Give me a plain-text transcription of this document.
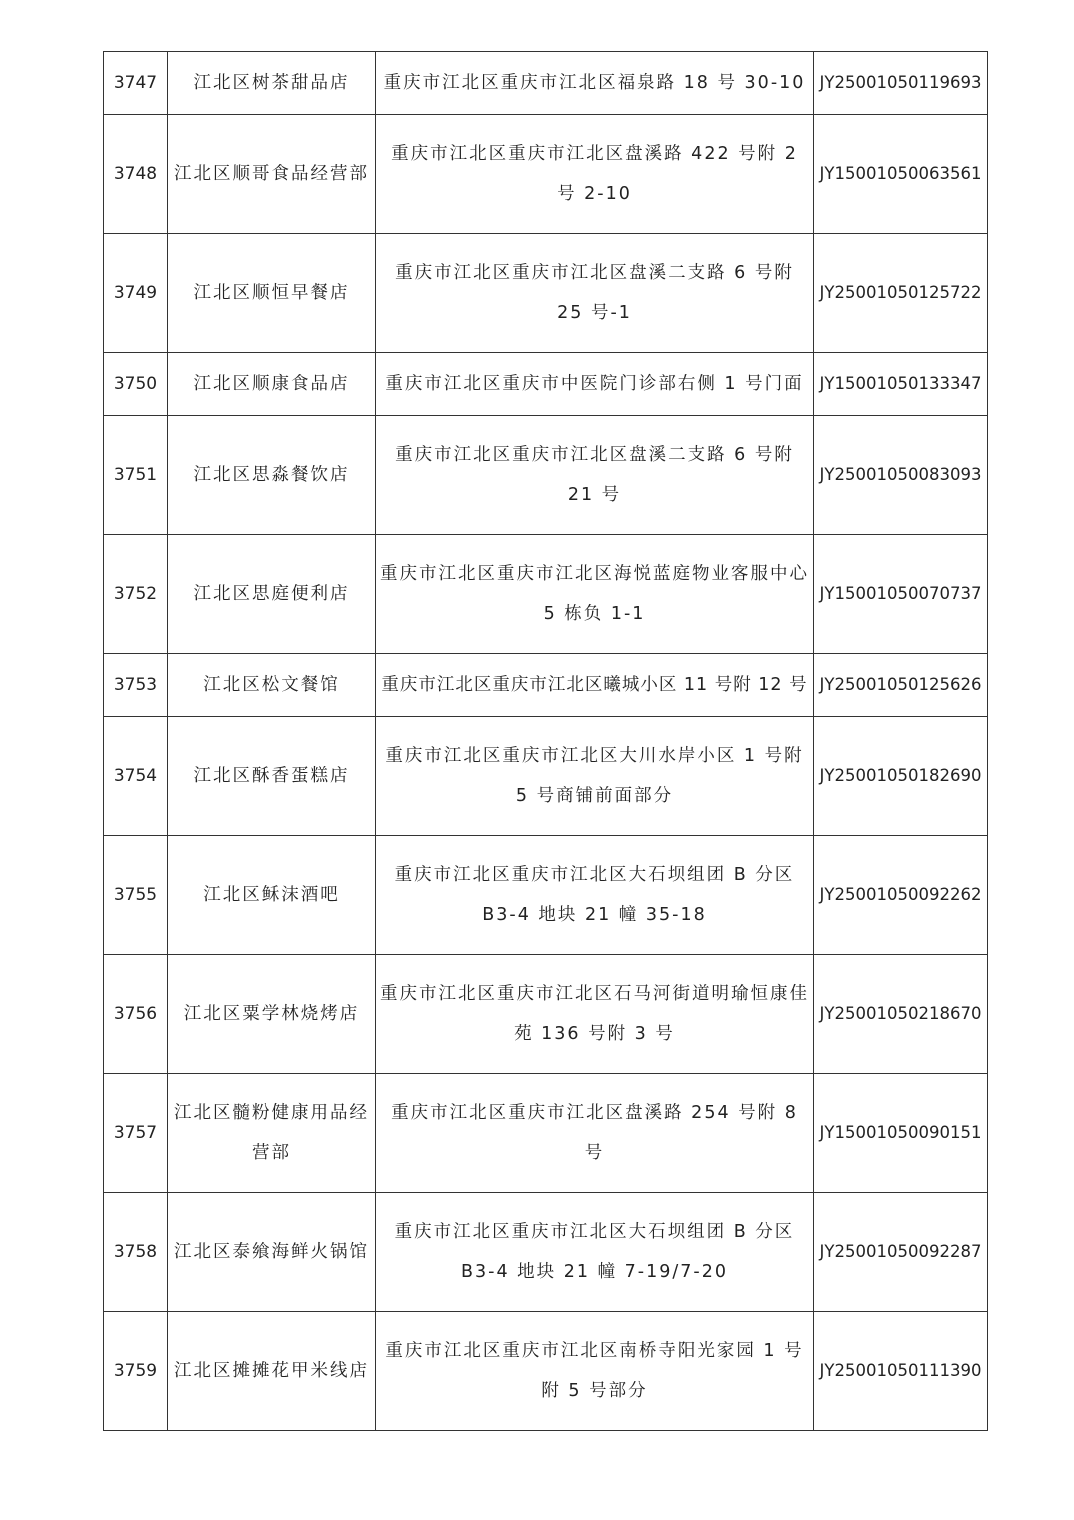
3747	江北区树茶甜品店	重庆市江北区重庆市江北区福泉路 18 号 30-10	JY25001050119693
3748	江北区顺哥食品经营部	重庆市江北区重庆市江北区盘溪路 422 号附 2 号 2-10	JY15001050063561
3749	江北区顺恒早餐店	重庆市江北区重庆市江北区盘溪二支路 6 号附 25 号-1	JY25001050125722
3750	江北区顺康食品店	重庆市江北区重庆市中医院门诊部右侧 1 号门面	JY15001050133347
3751	江北区思淼餐饮店	重庆市江北区重庆市江北区盘溪二支路 6 号附 21 号	JY25001050083093
3752	江北区思庭便利店	重庆市江北区重庆市江北区海悦蓝庭物业客服中心 5 栋负 1-1	JY15001050070737
3753	江北区松文餐馆	重庆市江北区重庆市江北区曦城小区 11 号附 12 号	JY25001050125626
3754	江北区酥香蛋糕店	重庆市江北区重庆市江北区大川水岸小区 1 号附 5 号商铺前面部分	JY25001050182690
3755	江北区稣沫酒吧	重庆市江北区重庆市江北区大石坝组团 B 分区 B3-4 地块 21 幢 35-18	JY25001050092262
3756	江北区粟学林烧烤店	重庆市江北区重庆市江北区石马河街道明瑜恒康佳苑 136 号附 3 号	JY25001050218670
3757	江北区髓粉健康用品经营部	重庆市江北区重庆市江北区盘溪路 254 号附 8 号	JY15001050090151
3758	江北区泰飨海鲜火锅馆	重庆市江北区重庆市江北区大石坝组团 B 分区 B3-4 地块 21 幢 7-19/7-20	JY25001050092287
3759	江北区摊摊花甲米线店	重庆市江北区重庆市江北区南桥寺阳光家园 1 号附 5 号部分	JY25001050111390
